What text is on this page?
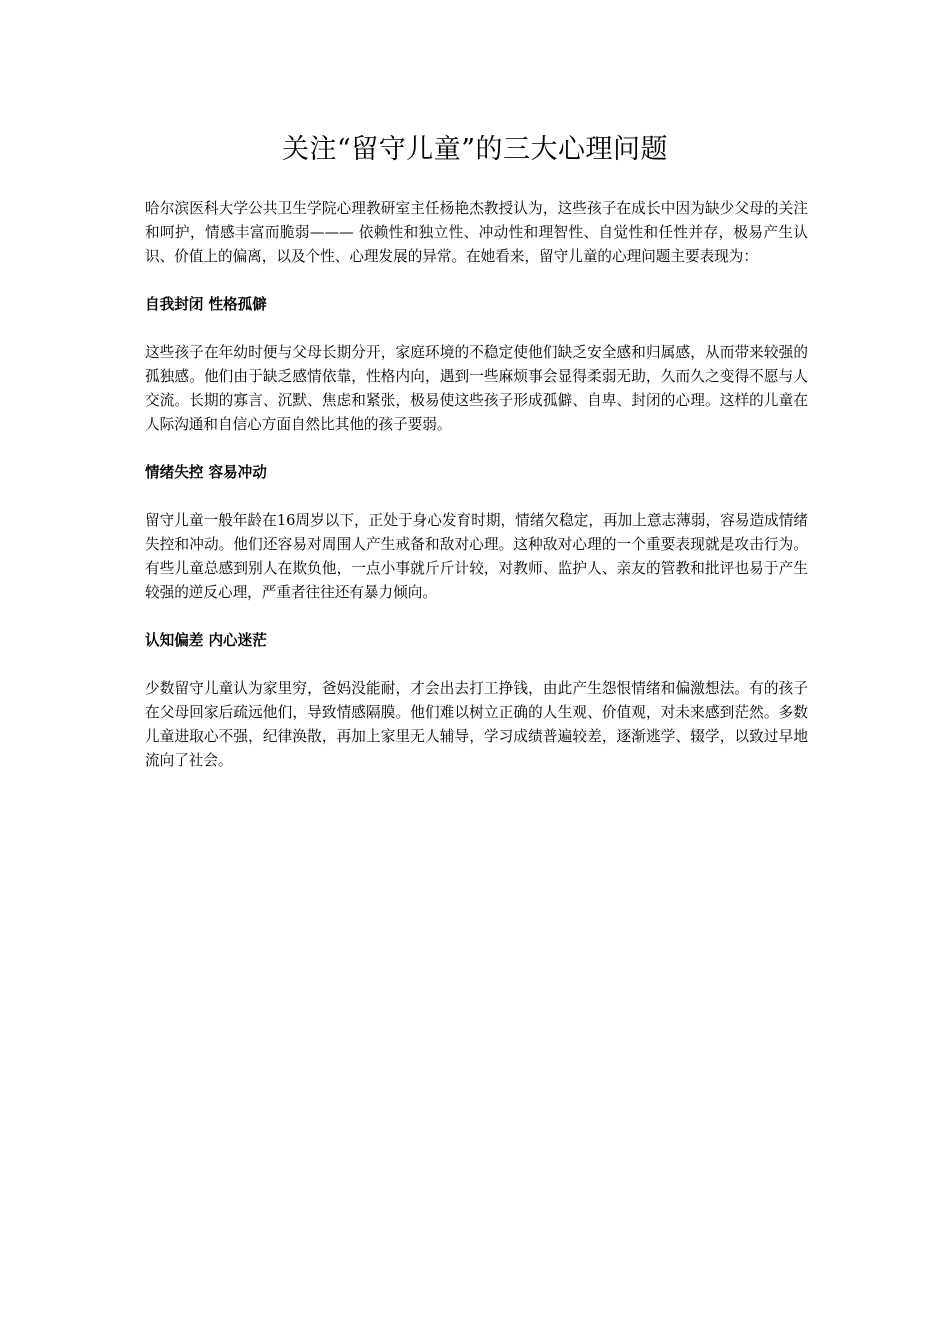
关注“留守儿童”的三大心理问题

哈尔滨医科大学公共卫生学院心理教研室主任杨艳杰教授认为，这些孩子在成长中因为缺少父母的关注和呵护，情感丰富而脆弱——— 依赖性和独立性、冲动性和理智性、自觉性和任性并存，极易产生认识、价值上的偏离，以及个性、心理发展的异常。在她看来，留守儿童的心理问题主要表现为：

自我封闭 性格孤僻

这些孩子在年幼时便与父母长期分开，家庭环境的不稳定使他们缺乏安全感和归属感，从而带来较强的孤独感。他们由于缺乏感情依靠，性格内向，遇到一些麻烦事会显得柔弱无助，久而久之变得不愿与人交流。长期的寡言、沉默、焦虑和紧张，极易使这些孩子形成孤僻、自卑、封闭的心理。这样的儿童在人际沟通和自信心方面自然比其他的孩子要弱。

情绪失控 容易冲动

留守儿童一般年龄在16周岁以下，正处于身心发育时期，情绪欠稳定，再加上意志薄弱，容易造成情绪失控和冲动。他们还容易对周围人产生戒备和敌对心理。这种敌对心理的一个重要表现就是攻击行为。有些儿童总感到别人在欺负他，一点小事就斤斤计较，对教师、监护人、亲友的管教和批评也易于产生较强的逆反心理，严重者往往还有暴力倾向。

认知偏差 内心迷茫

少数留守儿童认为家里穷，爸妈没能耐，才会出去打工挣钱，由此产生怨恨情绪和偏激想法。有的孩子在父母回家后疏远他们，导致情感隔膜。他们难以树立正确的人生观、价值观，对未来感到茫然。多数儿童进取心不强，纪律涣散，再加上家里无人辅导，学习成绩普遍较差，逐渐逃学、辍学，以致过早地流向了社会。
